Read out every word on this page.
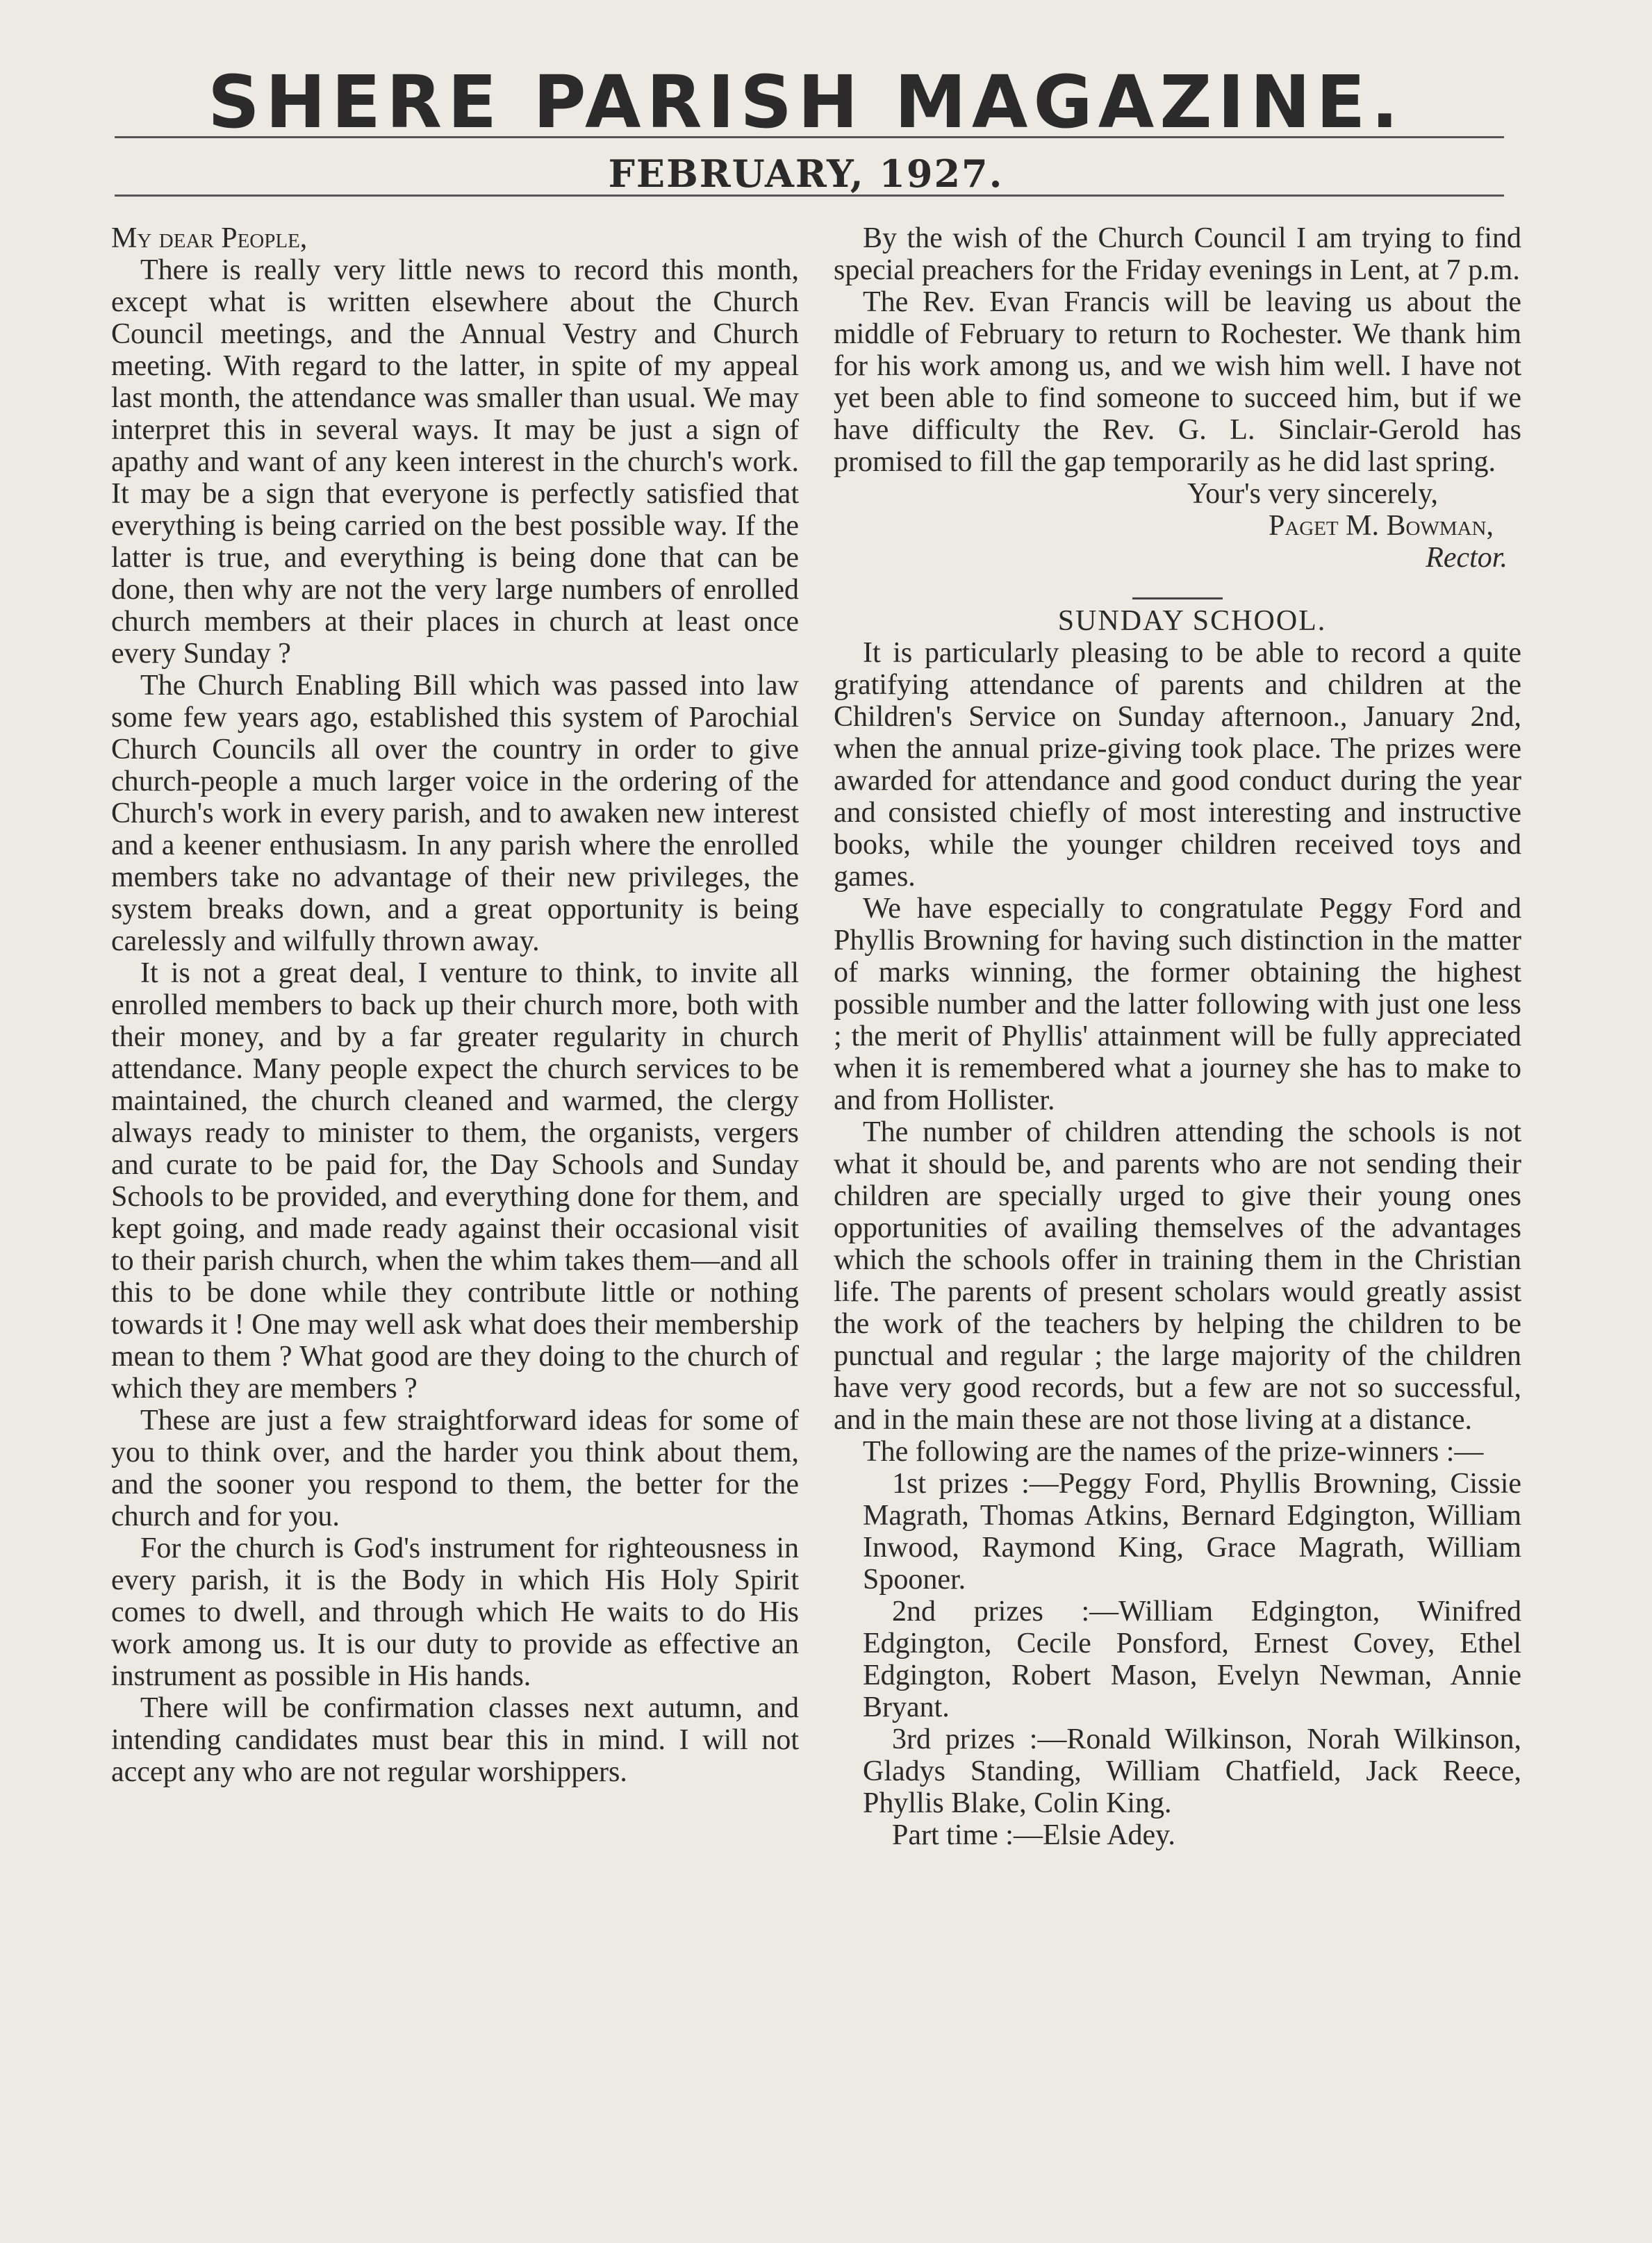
SHERE PARISH MAGAZINE.
FEBRUARY, 1927.

My dear People,

There is really very little news to record this month, except what is written elsewhere about the Church Council meetings, and the Annual Vestry and Church meeting. With regard to the latter, in spite of my appeal last month, the attendance was smaller than usual. We may interpret this in several ways. It may be just a sign of apathy and want of any keen interest in the church's work. It may be a sign that everyone is perfectly satisfied that everything is being carried on the best possible way. If the latter is true, and everything is being done that can be done, then why are not the very large numbers of enrolled church members at their places in church at least once every Sunday ?

The Church Enabling Bill which was passed into law some few years ago, established this system of Parochial Church Councils all over the country in order to give church-people a much larger voice in the ordering of the Church's work in every parish, and to awaken new interest and a keener enthusiasm. In any parish where the enrolled members take no advantage of their new privileges, the system breaks down, and a great opportunity is being carelessly and wilfully thrown away.

It is not a great deal, I venture to think, to invite all enrolled members to back up their church more, both with their money, and by a far greater regularity in church attendance. Many people expect the church services to be maintained, the church cleaned and warmed, the clergy always ready to minister to them, the organists, vergers and curate to be paid for, the Day Schools and Sunday Schools to be provided, and everything done for them, and kept going, and made ready against their occasional visit to their parish church, when the whim takes them—and all this to be done while they contribute little or nothing towards it ! One may well ask what does their membership mean to them ? What good are they doing to the church of which they are members ?

These are just a few straightforward ideas for some of you to think over, and the harder you think about them, and the sooner you respond to them, the better for the church and for you.

For the church is God's instrument for righteousness in every parish, it is the Body in which His Holy Spirit comes to dwell, and through which He waits to do His work among us. It is our duty to provide as effective an instrument as possible in His hands.

There will be confirmation classes next autumn, and intending candidates must bear this in mind. I will not accept any who are not regular worshippers.

By the wish of the Church Council I am trying to find special preachers for the Friday evenings in Lent, at 7 p.m.

The Rev. Evan Francis will be leaving us about the middle of February to return to Rochester. We thank him for his work among us, and we wish him well. I have not yet been able to find someone to succeed him, but if we have difficulty the Rev. G. L. Sinclair-Gerold has promised to fill the gap temporarily as he did last spring.

Your's very sincerely,

Paget M. Bowman,

Rector.

SUNDAY SCHOOL.

It is particularly pleasing to be able to record a quite gratifying attendance of parents and children at the Children's Service on Sunday afternoon., January 2nd, when the annual prize-giving took place. The prizes were awarded for attendance and good conduct during the year and consisted chiefly of most interesting and instructive books, while the younger children received toys and games.

We have especially to congratulate Peggy Ford and Phyllis Browning for having such distinction in the matter of marks winning, the former obtaining the highest possible number and the latter following with just one less ; the merit of Phyllis' attainment will be fully appreciated when it is remembered what a journey she has to make to and from Hollister.

The number of children attending the schools is not what it should be, and parents who are not sending their children are specially urged to give their young ones opportunities of availing themselves of the advantages which the schools offer in training them in the Christian life. The parents of present scholars would greatly assist the work of the teachers by helping the children to be punctual and regular ; the large majority of the children have very good records, but a few are not so successful, and in the main these are not those living at a distance.

The following are the names of the prize-winners :—

1st prizes :—Peggy Ford, Phyllis Browning, Cissie Magrath, Thomas Atkins, Bernard Edgington, William Inwood, Raymond King, Grace Magrath, William Spooner.

2nd prizes :—William Edgington, Winifred Edgington, Cecile Ponsford, Ernest Covey, Ethel Edgington, Robert Mason, Evelyn Newman, Annie Bryant.

3rd prizes :—Ronald Wilkinson, Norah Wilkinson, Gladys Standing, William Chatfield, Jack Reece, Phyllis Blake, Colin King.

Part time :—Elsie Adey.
